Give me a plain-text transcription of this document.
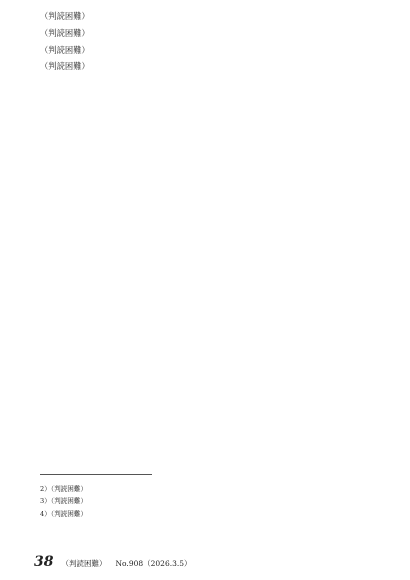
（判読困難）

（判読困難）

（判読困難）

（判読困難）

2）（判読困難）

3）（判読困難）

4）（判読困難）

38 （判読困難） No.908（2026.3.5）
